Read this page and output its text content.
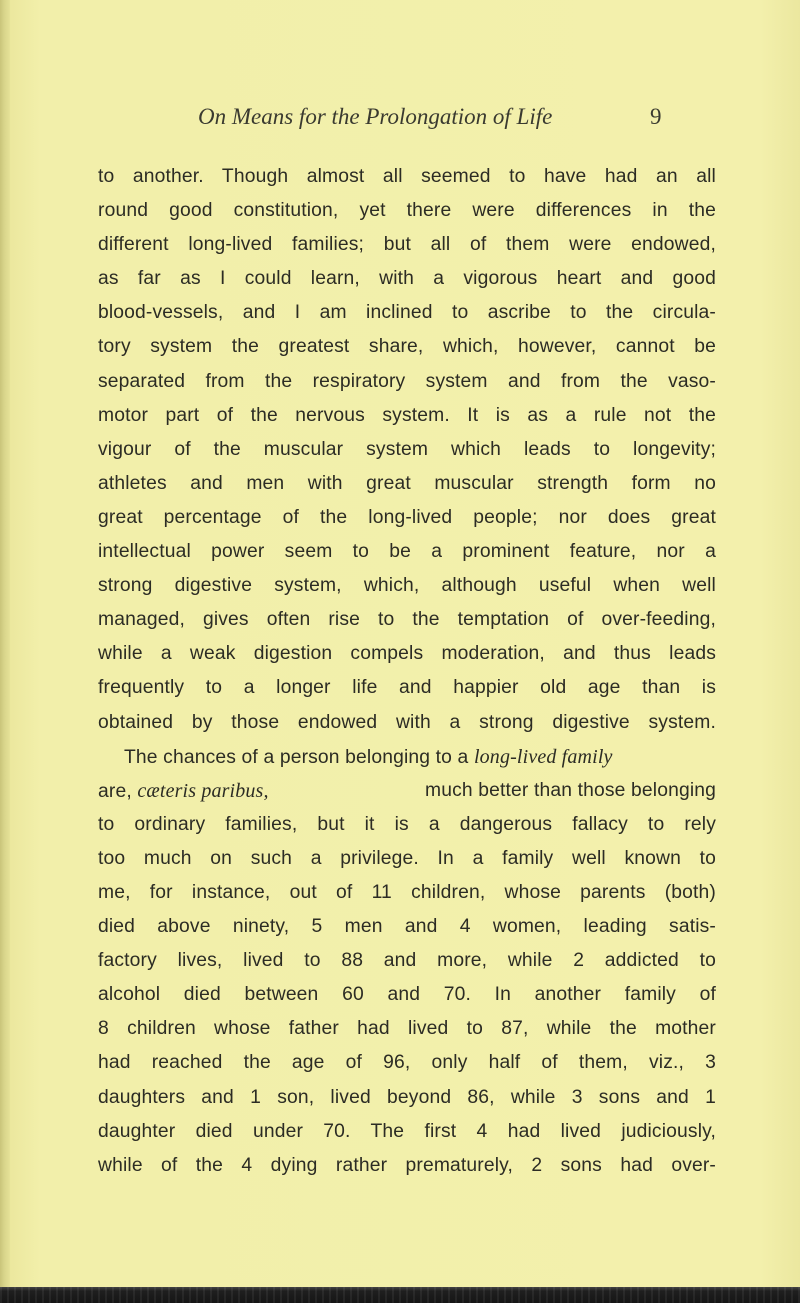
On Means for the Prolongation of Life	9
to another. Though almost all seemed to have had an all
round good constitution, yet there were differences in the
different long-lived families; but all of them were endowed,
as far as I could learn, with a vigorous heart and good
blood-vessels, and I am inclined to ascribe to the circula-
tory system the greatest share, which, however, cannot be
separated from the respiratory system and from the vaso-
motor part of the nervous system. It is as a rule not the
vigour of the muscular system which leads to longevity;
athletes and men with great muscular strength form no
great percentage of the long-lived people; nor does great
intellectual power seem to be a prominent feature, nor a
strong digestive system, which, although useful when well
managed, gives often rise to the temptation of over-feeding,
while a weak digestion compels moderation, and thus leads
frequently to a longer life and happier old age than is
obtained by those endowed with a strong digestive system.
The chances of a person belonging to a long-lived family
are, cæteris paribus,	much better than those belonging
to ordinary families, but it is a dangerous fallacy to rely
too much on such a privilege. In a family well known to
me, for instance, out of 11 children, whose parents (both)
died above ninety, 5 men and 4 women, leading satis-
factory lives, lived to 88 and more, while 2 addicted to
alcohol died between 60 and 70. In another family of
8 children whose father had lived to 87, while the mother
had reached the age of 96, only half of them, viz., 3
daughters and 1 son, lived beyond 86, while 3 sons and 1
daughter died under 70. The first 4 had lived judiciously,
while of the 4 dying rather prematurely, 2 sons had over-
